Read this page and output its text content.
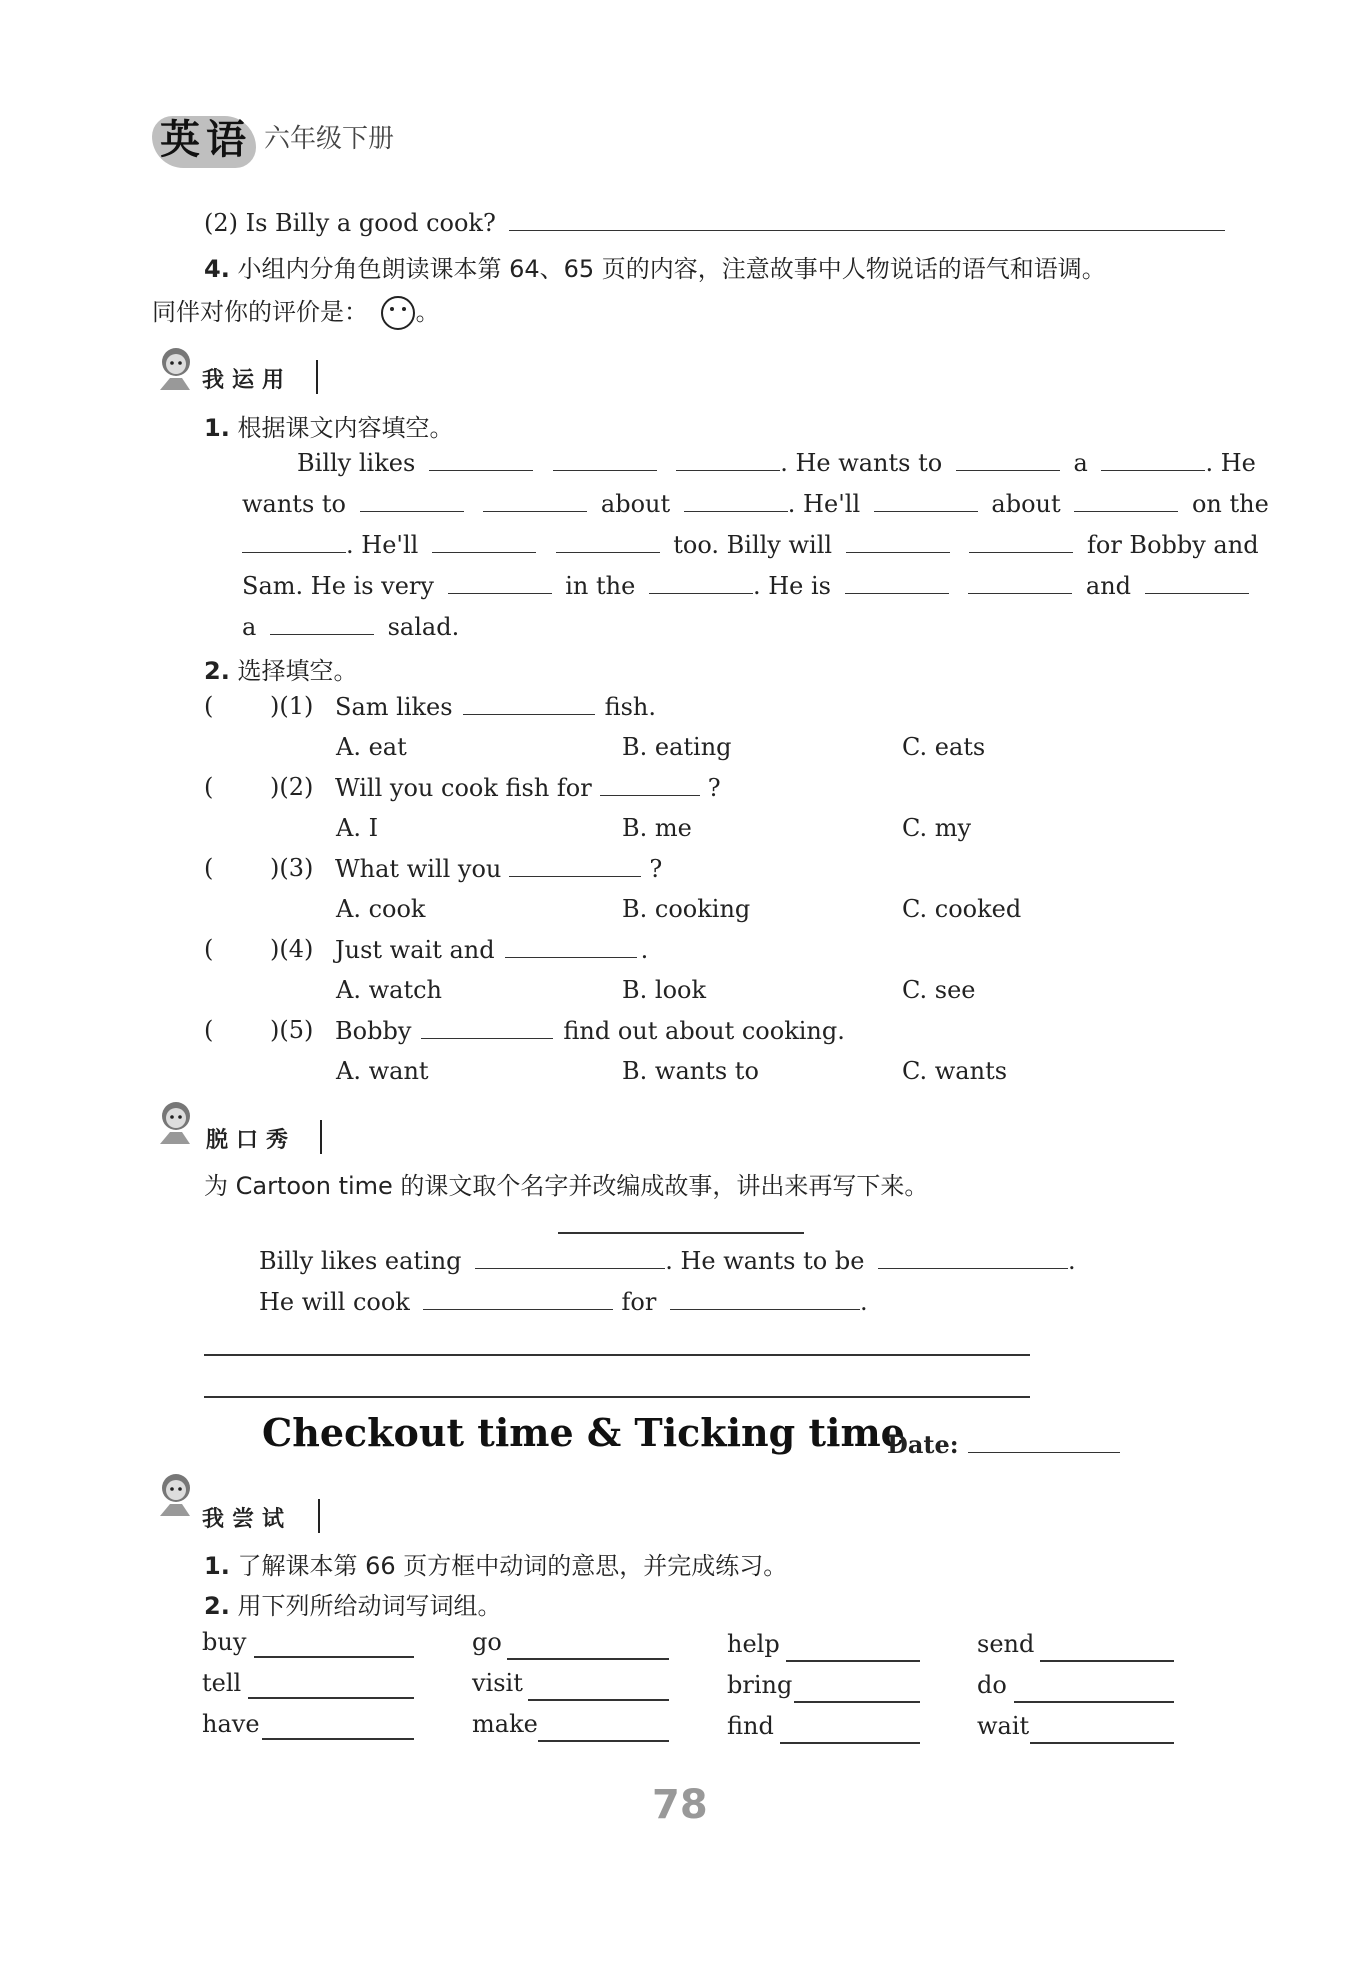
英语 六年级下册
(2) Is Billy a good cook?
4. 小组内分角色朗读课本第 64、65 页的内容，注意故事中人物说话的语气和语调。
同伴对你的评价是： 。
我运用
1. 根据课文内容填空。
Billy likes	. He wants to	a	. He
wants to	about	. He'll	about	on the
. He'll	too. Billy will	for Bobby and
Sam. He is very	in the	. He is	and
a	salad.
2. 选择填空。
( )(1) Sam likes	fish.
A. eat	B. eating	C. eats
( )(2) Will you cook fish for	?
A. I	B. me	C. my
( )(3) What will you	?
A. cook	B. cooking	C. cooked
( )(4) Just wait and	.
A. watch	B. look	C. see
( )(5) Bobby	find out about cooking.
A. want	B. wants to	C. wants
脱口秀
为 Cartoon time 的课文取个名字并改编成故事，讲出来再写下来。
Billy likes eating	. He wants to be	.
He will cook	for	.
Checkout time & Ticking time
Date:
我尝试
1. 了解课本第 66 页方框中动词的意思，并完成练习。
2. 用下列所给动词写词组。
buy	go	help	send
tell	visit	bring	do
have	make	find	wait
78
